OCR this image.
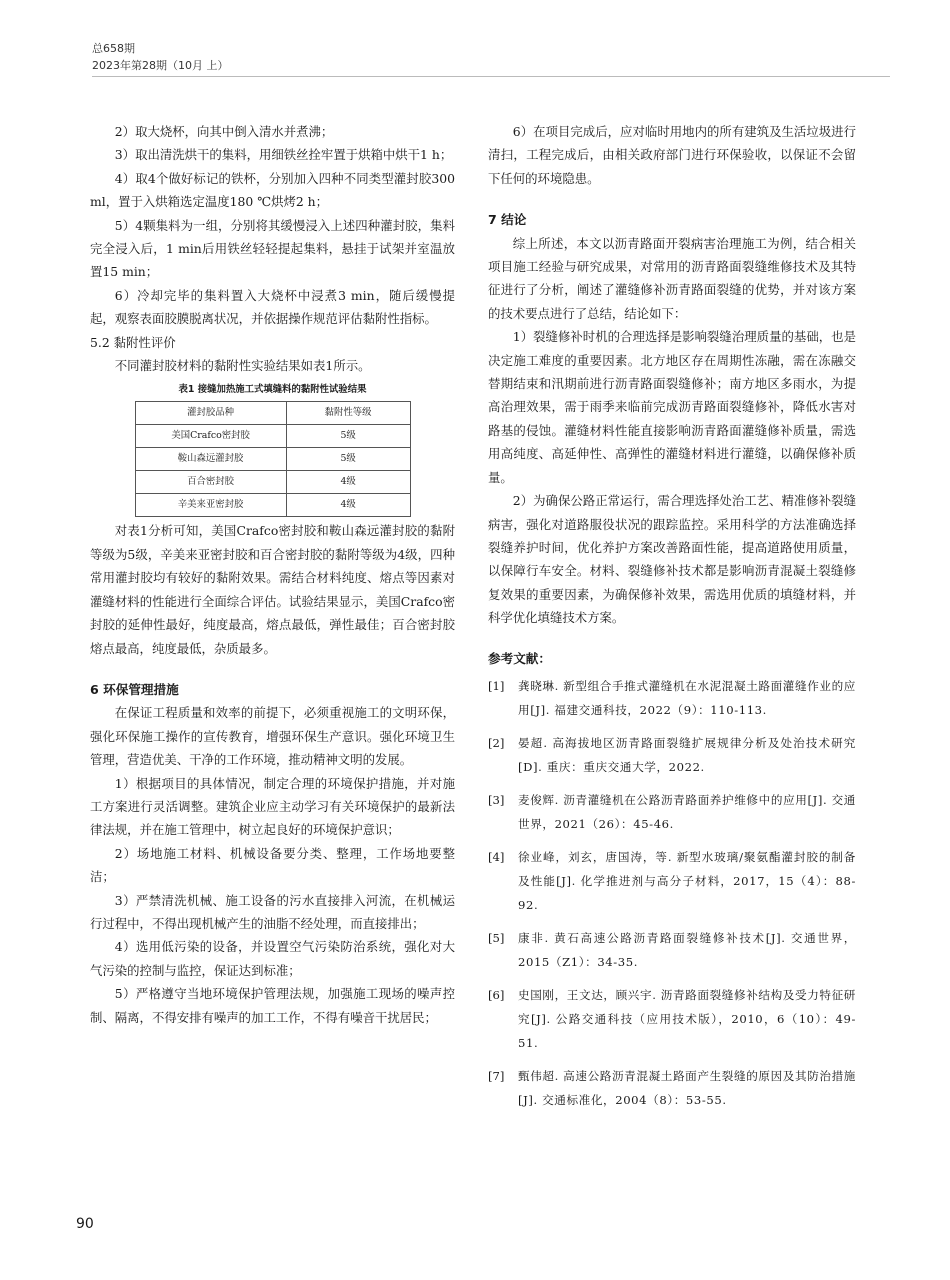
总658期
2023年第28期（10月 上）

2）取大烧杯，向其中倒入清水并煮沸；

3）取出清洗烘干的集料，用细铁丝拴牢置于烘箱中烘干1 h；

4）取4个做好标记的铁杯，分别加入四种不同类型灌封胶300 ml，置于入烘箱选定温度180 ℃烘烤2 h；

5）4颗集料为一组，分别将其缓慢浸入上述四种灌封胶，集料完全浸入后，1 min后用铁丝轻轻提起集料，悬挂于试架并室温放置15 min；

6）冷却完毕的集料置入大烧杯中浸煮3 min，随后缓慢提起，观察表面胶膜脱离状况，并依据操作规范评估黏附性指标。

5.2 黏附性评价

不同灌封胶材料的黏附性实验结果如表1所示。

表1 接缝加热施工式填缝料的黏附性试验结果
灌封胶品种	黏附性等级
美国Crafco密封胶	5级
鞍山森远灌封胶	5级
百合密封胶	4级
辛美来亚密封胶	4级

对表1分析可知，美国Crafco密封胶和鞍山森远灌封胶的黏附等级为5级，辛美来亚密封胶和百合密封胶的黏附等级为4级，四种常用灌封胶均有较好的黏附效果。需结合材料纯度、熔点等因素对灌缝材料的性能进行全面综合评估。试验结果显示，美国Crafco密封胶的延伸性最好，纯度最高，熔点最低，弹性最佳；百合密封胶熔点最高，纯度最低，杂质最多。

6 环保管理措施

在保证工程质量和效率的前提下，必须重视施工的文明环保，强化环保施工操作的宣传教育，增强环保生产意识。强化环境卫生管理，营造优美、干净的工作环境，推动精神文明的发展。

1）根据项目的具体情况，制定合理的环境保护措施，并对施工方案进行灵活调整。建筑企业应主动学习有关环境保护的最新法律法规，并在施工管理中，树立起良好的环境保护意识；

2）场地施工材料、机械设备要分类、整理，工作场地要整洁；

3）严禁清洗机械、施工设备的污水直接排入河流，在机械运行过程中，不得出现机械产生的油脂不经处理，而直接排出；

4）选用低污染的设备，并设置空气污染防治系统，强化对大气污染的控制与监控，保证达到标准；

5）严格遵守当地环境保护管理法规，加强施工现场的噪声控制、隔离，不得安排有噪声的加工工作，不得有噪音干扰居民；

6）在项目完成后，应对临时用地内的所有建筑及生活垃圾进行清扫，工程完成后，由相关政府部门进行环保验收，以保证不会留下任何的环境隐患。

7 结论

综上所述，本文以沥青路面开裂病害治理施工为例，结合相关项目施工经验与研究成果，对常用的沥青路面裂缝维修技术及其特征进行了分析，阐述了灌缝修补沥青路面裂缝的优势，并对该方案的技术要点进行了总结，结论如下：

1）裂缝修补时机的合理选择是影响裂缝治理质量的基础，也是决定施工难度的重要因素。北方地区存在周期性冻融，需在冻融交替期结束和汛期前进行沥青路面裂缝修补；南方地区多雨水，为提高治理效果，需于雨季来临前完成沥青路面裂缝修补，降低水害对路基的侵蚀。灌缝材料性能直接影响沥青路面灌缝修补质量，需选用高纯度、高延伸性、高弹性的灌缝材料进行灌缝，以确保修补质量。

2）为确保公路正常运行，需合理选择处治工艺、精准修补裂缝病害，强化对道路服役状况的跟踪监控。采用科学的方法准确选择裂缝养护时间，优化养护方案改善路面性能，提高道路使用质量，以保障行车安全。材料、裂缝修补技术都是影响沥青混凝土裂缝修复效果的重要因素，为确保修补效果，需选用优质的填缝材料，并科学优化填缝技术方案。

参考文献：

[1] 龚晓琳. 新型组合手推式灌缝机在水泥混凝土路面灌缝作业的应用[J]. 福建交通科技，2022（9）：110-113.
[2] 晏超. 高海拔地区沥青路面裂缝扩展规律分析及处治技术研究[D]. 重庆：重庆交通大学，2022.
[3] 麦俊辉. 沥青灌缝机在公路沥青路面养护维修中的应用[J]. 交通世界，2021（26）：45-46.
[4] 徐业峰，刘玄，唐国涛，等. 新型水玻璃/聚氨酯灌封胶的制备及性能[J]. 化学推进剂与高分子材料，2017，15（4）：88-92.
[5] 康非. 黄石高速公路沥青路面裂缝修补技术[J]. 交通世界，2015（Z1）：34-35.
[6] 史国刚，王文达，顾兴宇. 沥青路面裂缝修补结构及受力特征研究[J]. 公路交通科技（应用技术版），2010，6（10）：49-51.
[7] 甄伟超. 高速公路沥青混凝土路面产生裂缝的原因及其防治措施[J]. 交通标准化，2004（8）：53-55.
90
